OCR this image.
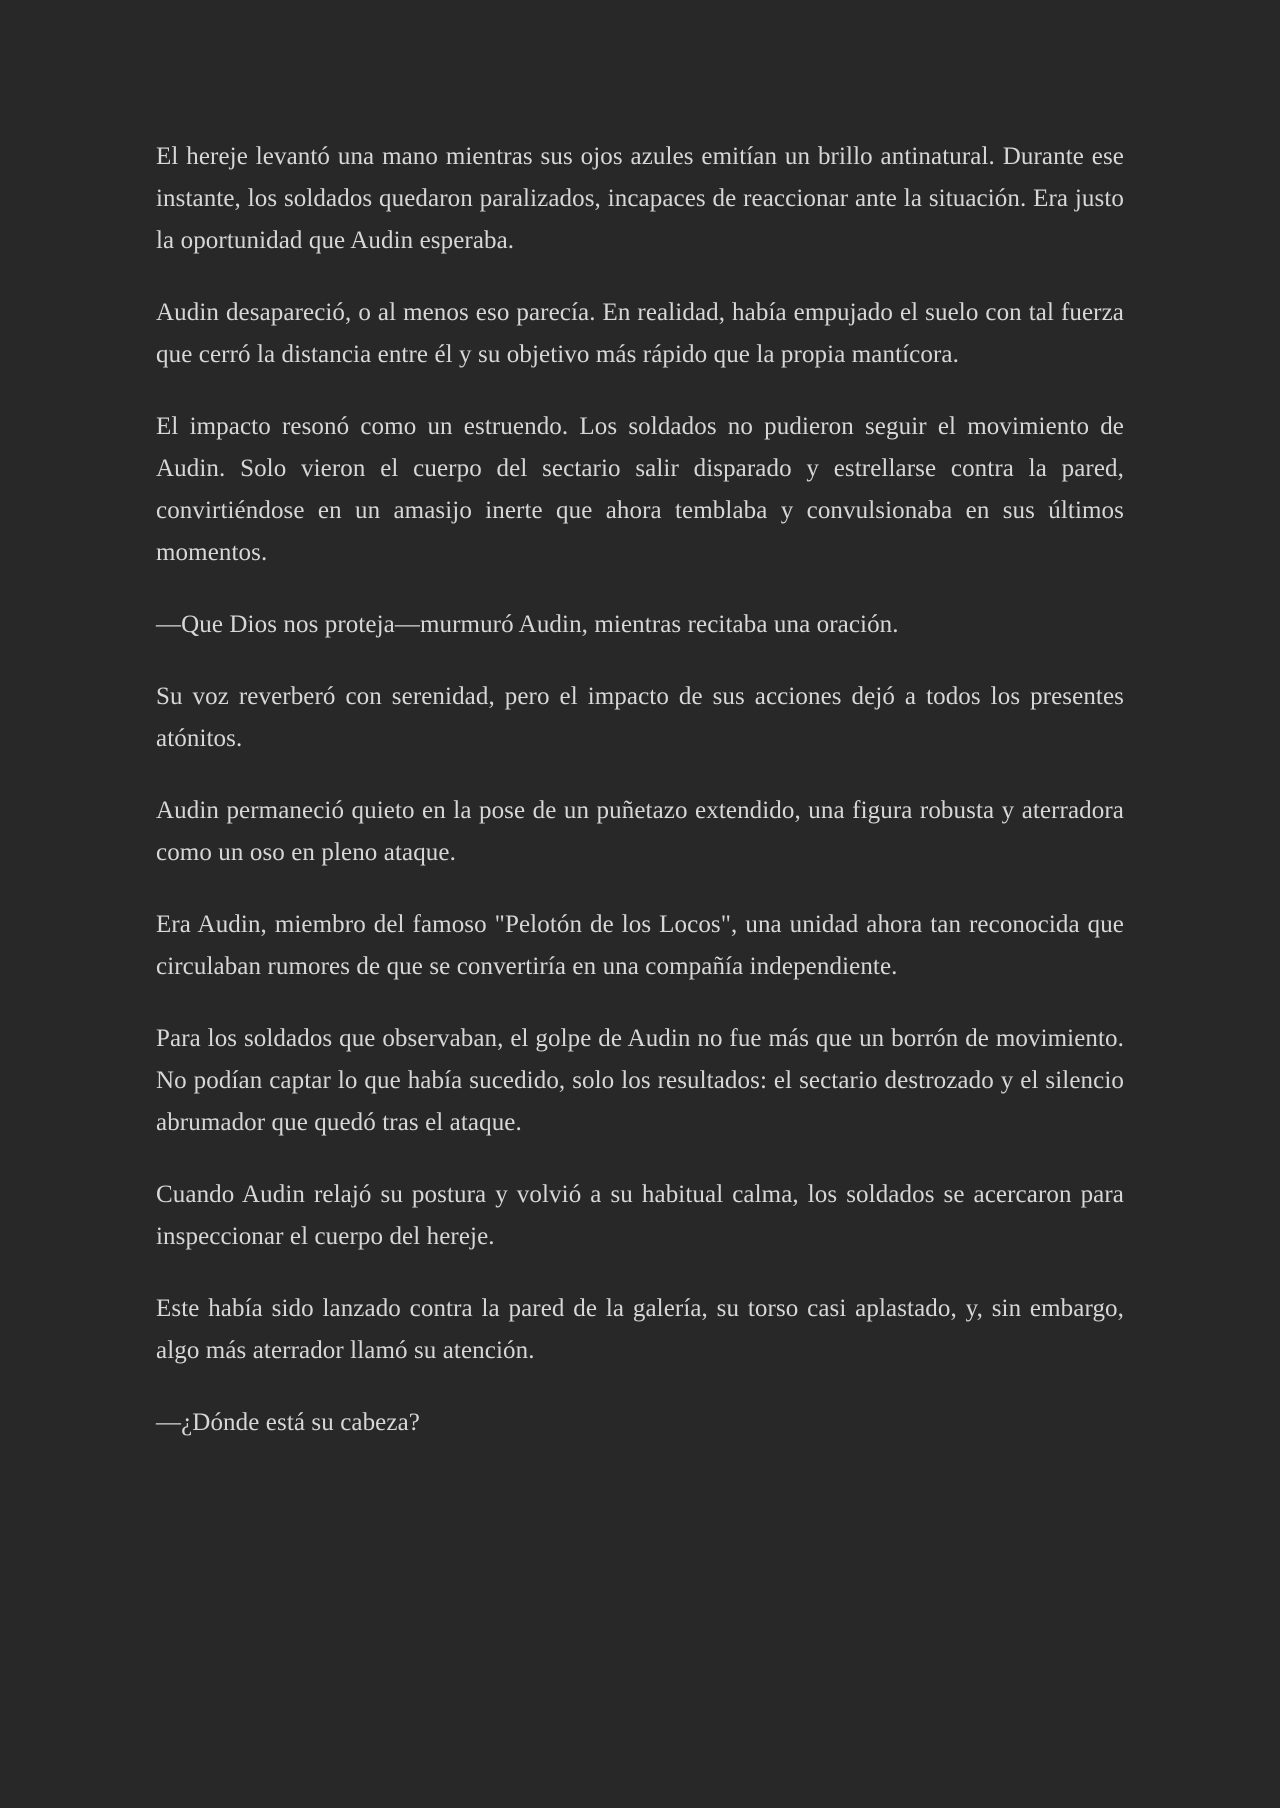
El hereje levantó una mano mientras sus ojos azules emitían un brillo antinatural. Durante ese instante, los soldados quedaron paralizados, incapaces de reaccionar ante la situación. Era justo la oportunidad que Audin esperaba.

Audin desapareció, o al menos eso parecía. En realidad, había empujado el suelo con tal fuerza que cerró la distancia entre él y su objetivo más rápido que la propia mantícora.

El impacto resonó como un estruendo. Los soldados no pudieron seguir el movimiento de Audin. Solo vieron el cuerpo del sectario salir disparado y estrellarse contra la pared, convirtiéndose en un amasijo inerte que ahora temblaba y convulsionaba en sus últimos momentos.

—Que Dios nos proteja—murmuró Audin, mientras recitaba una oración.

Su voz reverberó con serenidad, pero el impacto de sus acciones dejó a todos los presentes atónitos.

Audin permaneció quieto en la pose de un puñetazo extendido, una figura robusta y aterradora como un oso en pleno ataque.

Era Audin, miembro del famoso "Pelotón de los Locos", una unidad ahora tan reconocida que circulaban rumores de que se convertiría en una compañía independiente.

Para los soldados que observaban, el golpe de Audin no fue más que un borrón de movimiento. No podían captar lo que había sucedido, solo los resultados: el sectario destrozado y el silencio abrumador que quedó tras el ataque.

Cuando Audin relajó su postura y volvió a su habitual calma, los soldados se acercaron para inspeccionar el cuerpo del hereje.

Este había sido lanzado contra la pared de la galería, su torso casi aplastado, y, sin embargo, algo más aterrador llamó su atención.

—¿Dónde está su cabeza?
